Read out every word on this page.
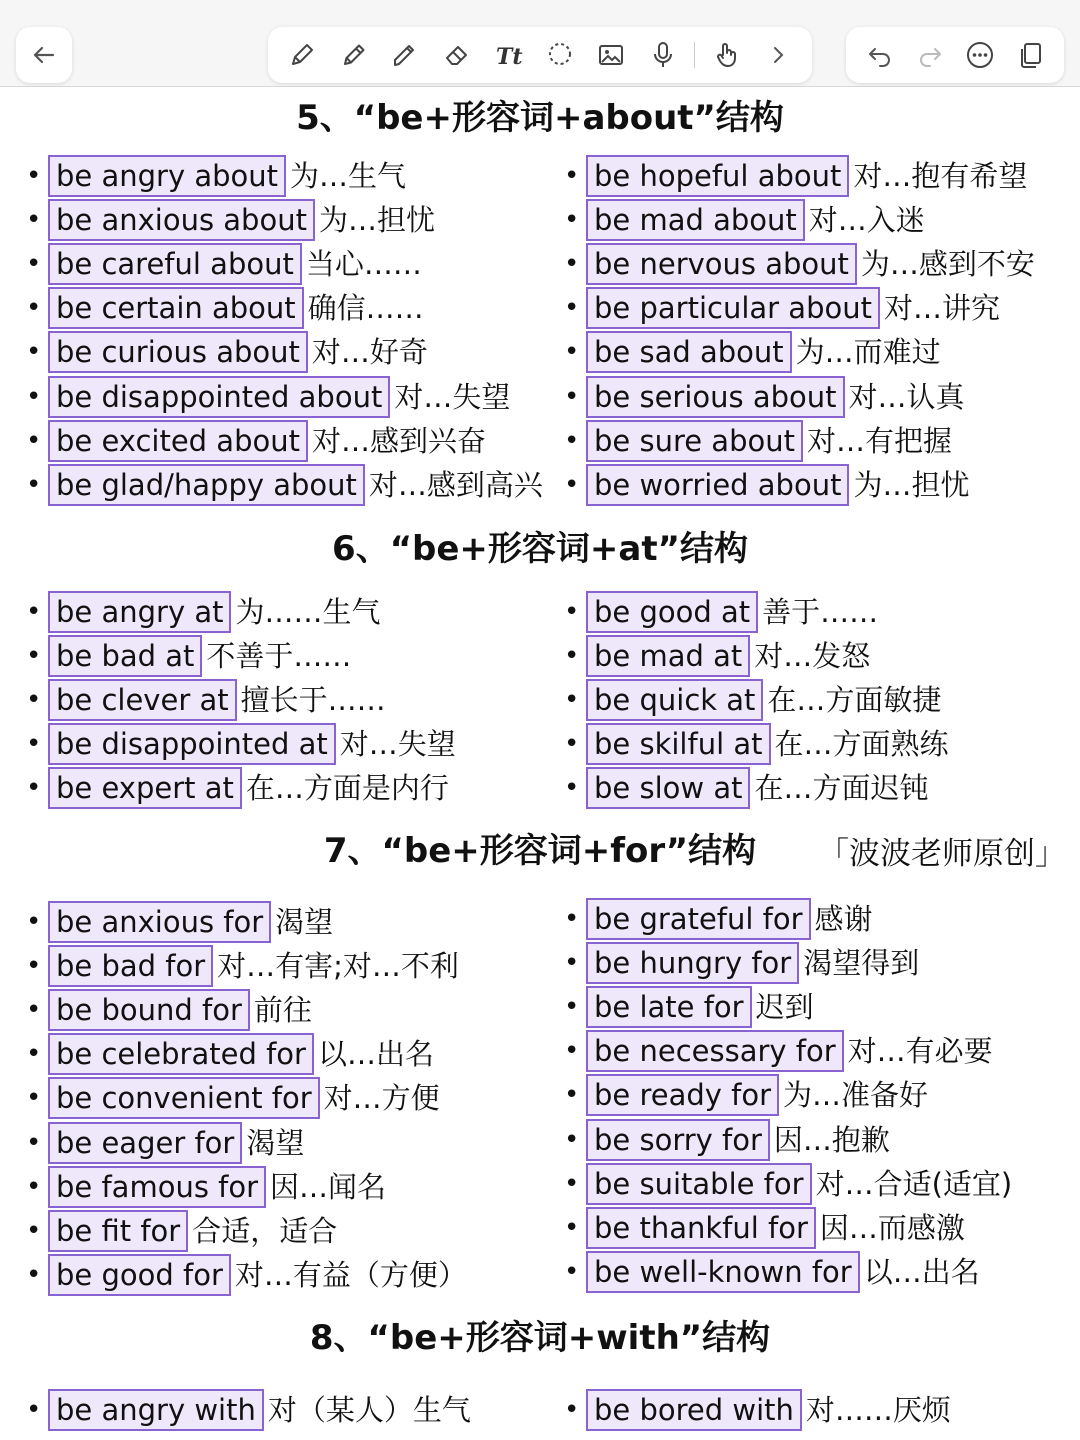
Tt
5、“be+形容词+about”结构
• be angry about 为…生气
• be anxious about 为…担忧
• be careful about 当心……
• be certain about 确信……
• be curious about 对…好奇
• be disappointed about 对…失望
• be excited about 对…感到兴奋
• be glad/happy about 对…感到高兴
• be hopeful about 对…抱有希望
• be mad about 对…入迷
• be nervous about 为…感到不安
• be particular about 对…讲究
• be sad about 为…而难过
• be serious about 对…认真
• be sure about 对…有把握
• be worried about 为…担忧
6、“be+形容词+at”结构
• be angry at 为……生气
• be bad at 不善于……
• be clever at 擅长于……
• be disappointed at 对…失望
• be expert at 在…方面是内行
• be good at 善于……
• be mad at 对…发怒
• be quick at 在…方面敏捷
• be skilful at 在…方面熟练
• be slow at 在…方面迟钝
7、“be+形容词+for”结构
• be anxious for 渴望
• be bad for 对…有害;对…不利
• be bound for 前往
• be celebrated for 以…出名
• be convenient for 对…方便
• be eager for 渴望
• be famous for 因…闻名
• be fit for 合适，适合
• be good for 对…有益（方便）
• be grateful for 感谢
• be hungry for 渴望得到
• be late for 迟到
• be necessary for 对…有必要
• be ready for 为…准备好
• be sorry for 因…抱歉
• be suitable for 对…合适(适宜)
• be thankful for 因…而感激
• be well-known for 以…出名
8、“be+形容词+with”结构
• be angry with 对（某人）生气	• be bored with 对……厌烦
「波波老师原创」
